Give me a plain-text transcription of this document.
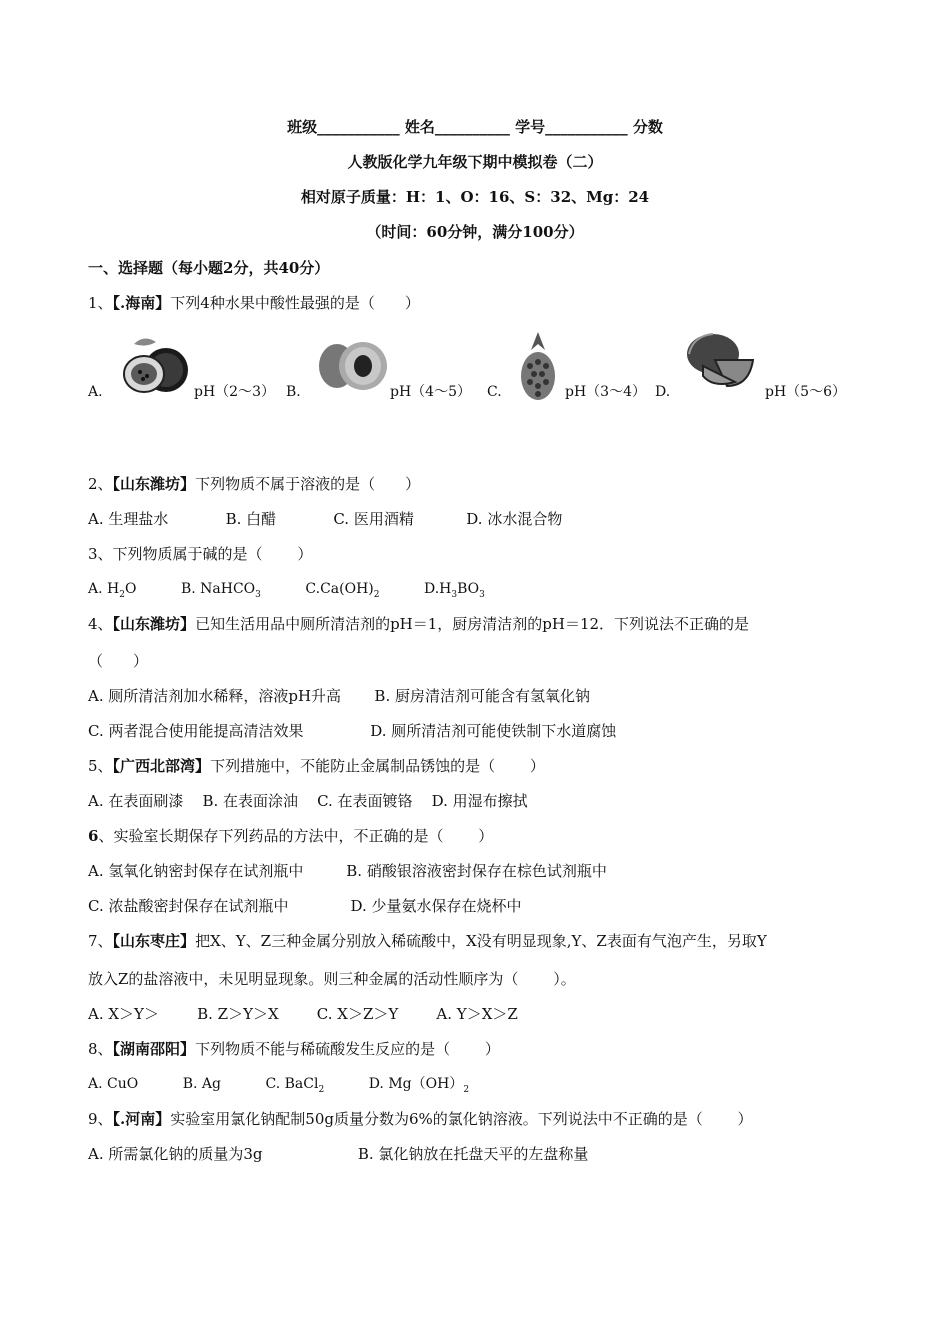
班级___________ 姓名__________ 学号___________ 分数
人教版化学九年级下期中模拟卷（二）
相对原子质量：H：1、O：16、S：32、Mg：24
（时间：60分钟，满分100分）
一、选择题（每小题2分，共40分）
1、【.海南】下列4种水果中酸性最强的是（　　）
A.	pH（2～3） B.	pH（4～5） C.	pH（3～4） D.	pH（5～6）
2、【山东潍坊】下列物质不属于溶液的是（　　）
A. 生理盐水            B. 白醋            C. 医用酒精           D. 冰水混合物
3、下列物质属于碱的是（　　 ）
A. $H_2O$	B. NaHCO$_3$	$C.Ca(OH)_2$	$D.H_3BO_3$
4、【山东潍坊】已知生活用品中厕所清洁剂的pH＝1，厨房清洁剂的pH＝12．下列说法不正确的是
（　　）
A. 厕所清洁剂加水稀释，溶液pH升高       B. 厨房清洁剂可能含有氢氧化钠
C. 两者混合使用能提高清洁效果              D. 厕所清洁剂可能使铁制下水道腐蚀
5、【广西北部湾】下列措施中，不能防止金属制品锈蚀的是（　　 ）
A. 在表面刷漆    B. 在表面涂油    C. 在表面镀铬    D. 用湿布擦拭
6、实验室长期保存下列药品的方法中，不正确的是（　　 ）
A. 氢氧化钠密封保存在试剂瓶中         B. 硝酸银溶液密封保存在棕色试剂瓶中
C. 浓盐酸密封保存在试剂瓶中             D. 少量氨水保存在烧杯中
7、【山东枣庄】把X、Y、Z三种金属分别放入稀硫酸中，X没有明显现象,Y、Z表面有气泡产生，另取Y
放入Z的盐溶液中，未见明显现象。则三种金属的活动性顺序为（　　 ）。
A. X＞Y＞        B. Z＞Y＞X        C. X＞Z＞Y        A. Y＞X＞Z
8、【湖南邵阳】下列物质不能与稀硫酸发生反应的是（　　 ）
A. CuO	B. Ag	C. BaCl$_2$	D. $Mg(OH)_2$
9、【.河南】实验室用氯化钠配制50g质量分数为6%的氯化钠溶液。下列说法中不正确的是（　　 ）
A. 所需氯化钠的质量为3g                    B. 氯化钠放在托盘天平的左盘称量
